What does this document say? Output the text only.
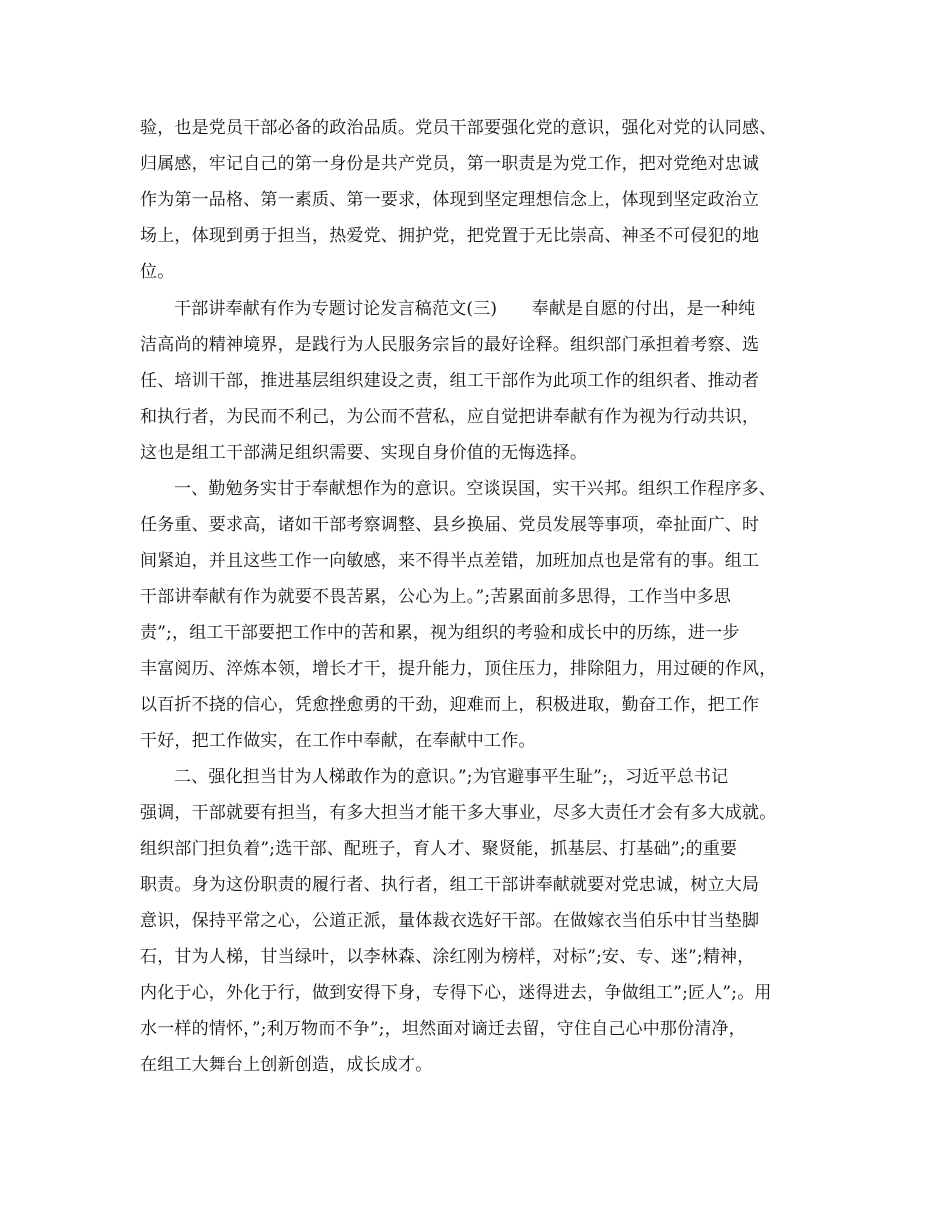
验，也是党员干部必备的政治品质。党员干部要强化党的意识，强化对党的认同感、
归属感，牢记自己的第一身份是共产党员，第一职责是为党工作，把对党绝对忠诚
作为第一品格、第一素质、第一要求，体现到坚定理想信念上，体现到坚定政治立
场上，体现到勇于担当，热爱党、拥护党，把党置于无比崇高、神圣不可侵犯的地
位。
干部讲奉献有作为专题讨论发言稿范文(三)　　奉献是自愿的付出，是一种纯
洁高尚的精神境界，是践行为人民服务宗旨的最好诠释。组织部门承担着考察、选
任、培训干部，推进基层组织建设之责，组工干部作为此项工作的组织者、推动者
和执行者，为民而不利己，为公而不营私，应自觉把讲奉献有作为视为行动共识，
这也是组工干部满足组织需要、实现自身价值的无悔选择。
一、勤勉务实甘于奉献想作为的意识。空谈误国，实干兴邦。组织工作程序多、
任务重、要求高，诸如干部考察调整、县乡换届、党员发展等事项，牵扯面广、时
间紧迫，并且这些工作一向敏感，来不得半点差错，加班加点也是常有的事。组工
干部讲奉献有作为就要不畏苦累，公心为上。”;苦累面前多思得，工作当中多思
责”;，组工干部要把工作中的苦和累，视为组织的考验和成长中的历练，进一步
丰富阅历、淬炼本领，增长才干，提升能力，顶住压力，排除阻力，用过硬的作风，
以百折不挠的信心，凭愈挫愈勇的干劲，迎难而上，积极进取，勤奋工作，把工作
干好，把工作做实，在工作中奉献，在奉献中工作。
二、强化担当甘为人梯敢作为的意识。”;为官避事平生耻”;，习近平总书记
强调，干部就要有担当，有多大担当才能干多大事业，尽多大责任才会有多大成就。
组织部门担负着”;选干部、配班子，育人才、聚贤能，抓基层、打基础”;的重要
职责。身为这份职责的履行者、执行者，组工干部讲奉献就要对党忠诚，树立大局
意识，保持平常之心，公道正派，量体裁衣选好干部。在做嫁衣当伯乐中甘当垫脚
石，甘为人梯，甘当绿叶，以李林森、涂红刚为榜样，对标”;安、专、迷”;精神，
内化于心，外化于行，做到安得下身，专得下心，迷得进去，争做组工”;匠人”;。用
水一样的情怀，”;利万物而不争”;，坦然面对谪迁去留，守住自己心中那份清净，
在组工大舞台上创新创造，成长成才。
